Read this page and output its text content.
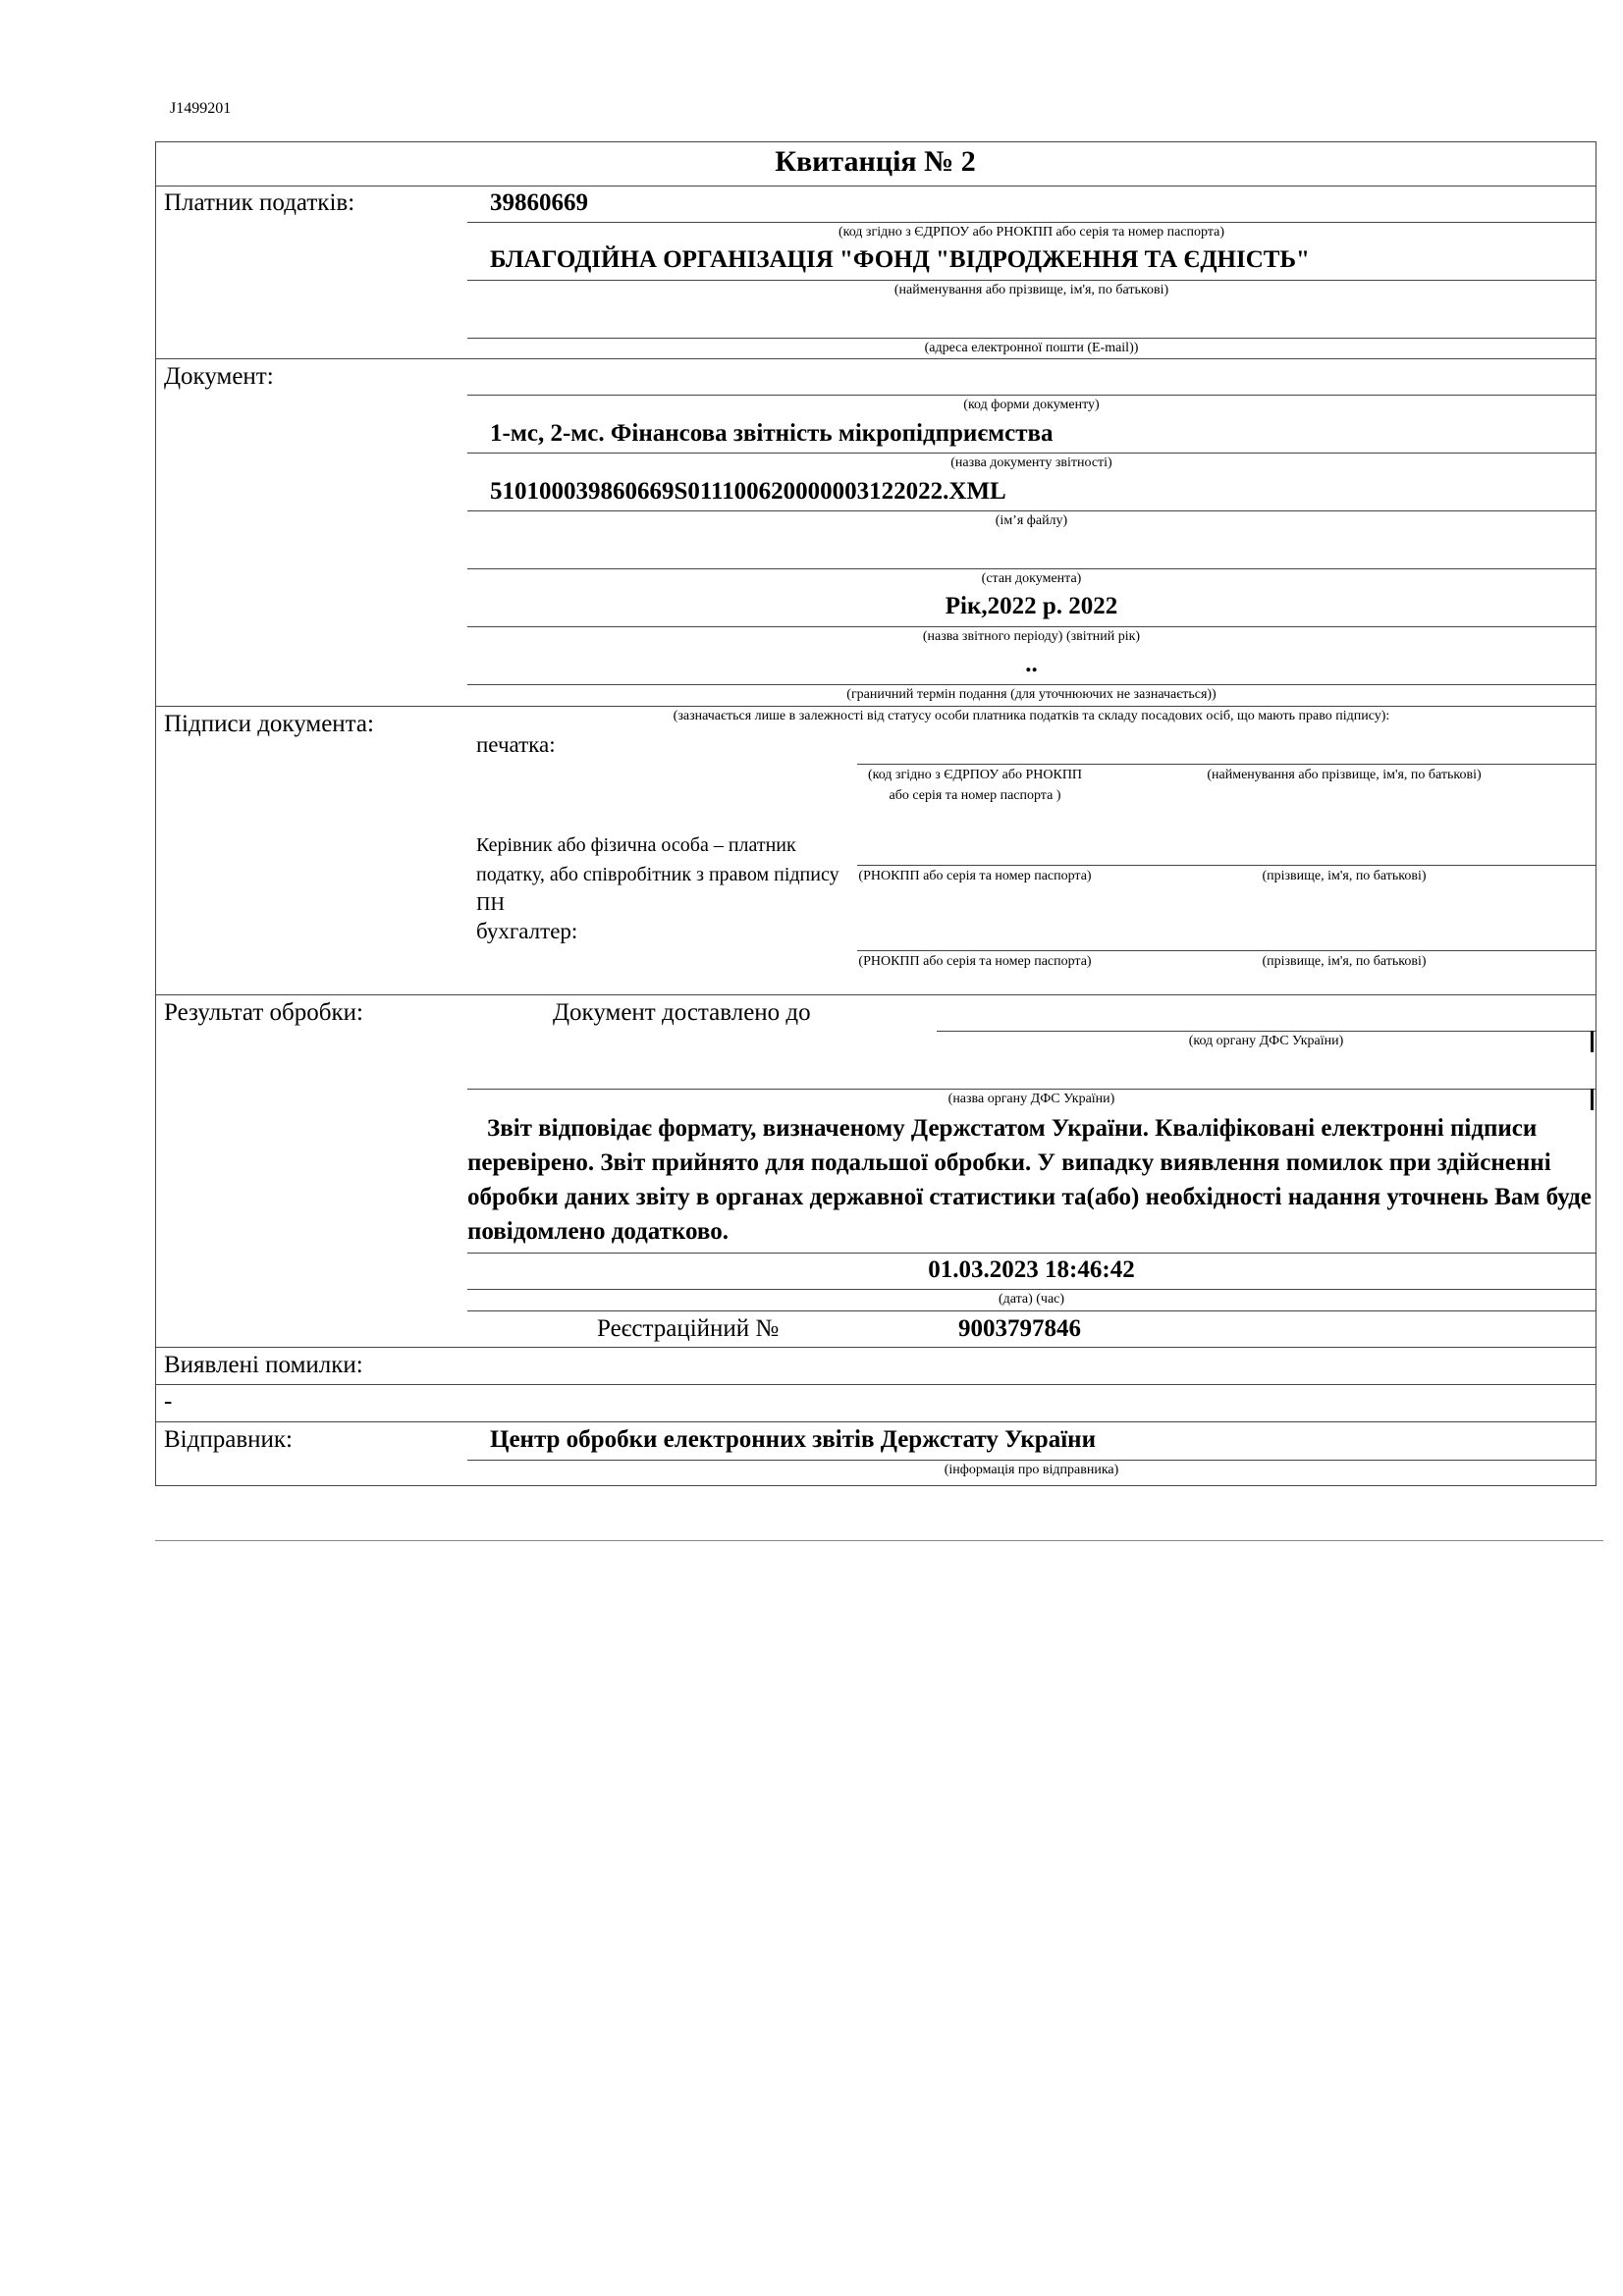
J1499201
Квитанція № 2
Платник податків:	39860669
(код згідно з ЄДРПОУ або РНОКПП або серія та номер паспорта)
БЛАГОДІЙНА ОРГАНІЗАЦІЯ "ФОНД "ВІДРОДЖЕННЯ ТА ЄДНІСТЬ"
(найменування або прізвище, ім'я, по батькові)
(адреса електронної пошти (E-mail))
Документ:
(код форми документу)
1-мс, 2-мс. Фінансова звітність мікропідприємства
(назва документу звітності)
510100039860669S011100620000003122022.XML
(ім’я файлу)
(стан документа)
Рік,2022 р. 2022
(назва звітного періоду) (звітний рік)
..
(граничний термін подання (для уточнюючих не зазначається))
Підписи документа:	(зазначається лише в залежності від статусу особи платника податків та складу посадових осіб, що мають право підпису):
печатка:
(код згідно з ЄДРПОУ або РНОКПП або серія та номер паспорта )
(найменування або прізвище, ім'я, по батькові)
Керівник або фізична особа – платник податку, або співробітник з правом підпису ПН
(РНОКПП або серія та номер паспорта)	(прізвище, ім'я, по батькові)
бухгалтер:
(РНОКПП або серія та номер паспорта)	(прізвище, ім'я, по батькові)
Результат обробки:	Документ доставлено до
(код органу ДФС України)
(назва органу ДФС України)
Звіт відповідає формату, визначеному Держстатом України. Кваліфіковані електронні підписи перевірено. Звіт прийнято для подальшої обробки. У випадку виявлення помилок при здійсненні обробки даних звіту в органах державної статистики та(або) необхідності надання уточнень Вам буде повідомлено додатково.
01.03.2023 18:46:42
(дата) (час)
Реєстраційний №	9003797846
Виявлені помилки:
-
Відправник:	Центр обробки електронних звітів Держстату України
(інформація про відправника)
